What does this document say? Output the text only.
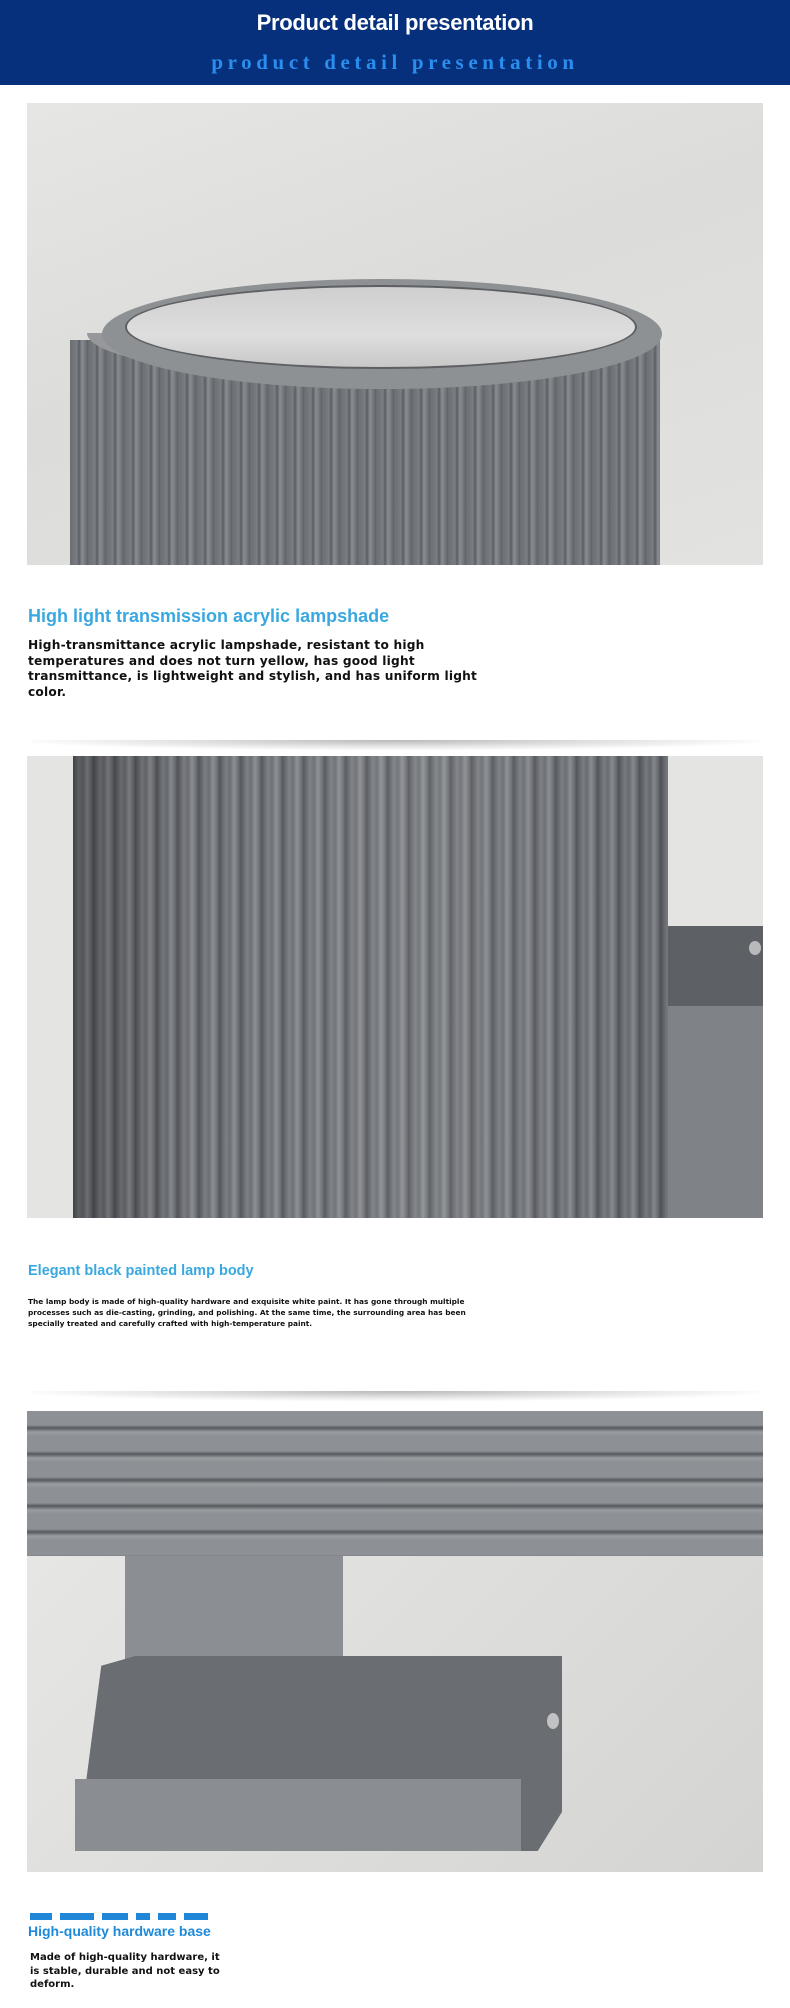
Product detail presentation
product detail presentation
High light transmission acrylic lampshade
High-transmittance acrylic lampshade, resistant to high temperatures and does not turn yellow, has good light transmittance, is lightweight and stylish, and has uniform light color.
Elegant black painted lamp body
The lamp body is made of high-quality hardware and exquisite white paint. It has gone through multiple processes such as die-casting, grinding, and polishing. At the same time, the surrounding area has been specially treated and carefully crafted with high-temperature paint.
High-quality hardware base
Made of high-quality hardware, it is stable, durable and not easy to deform.
